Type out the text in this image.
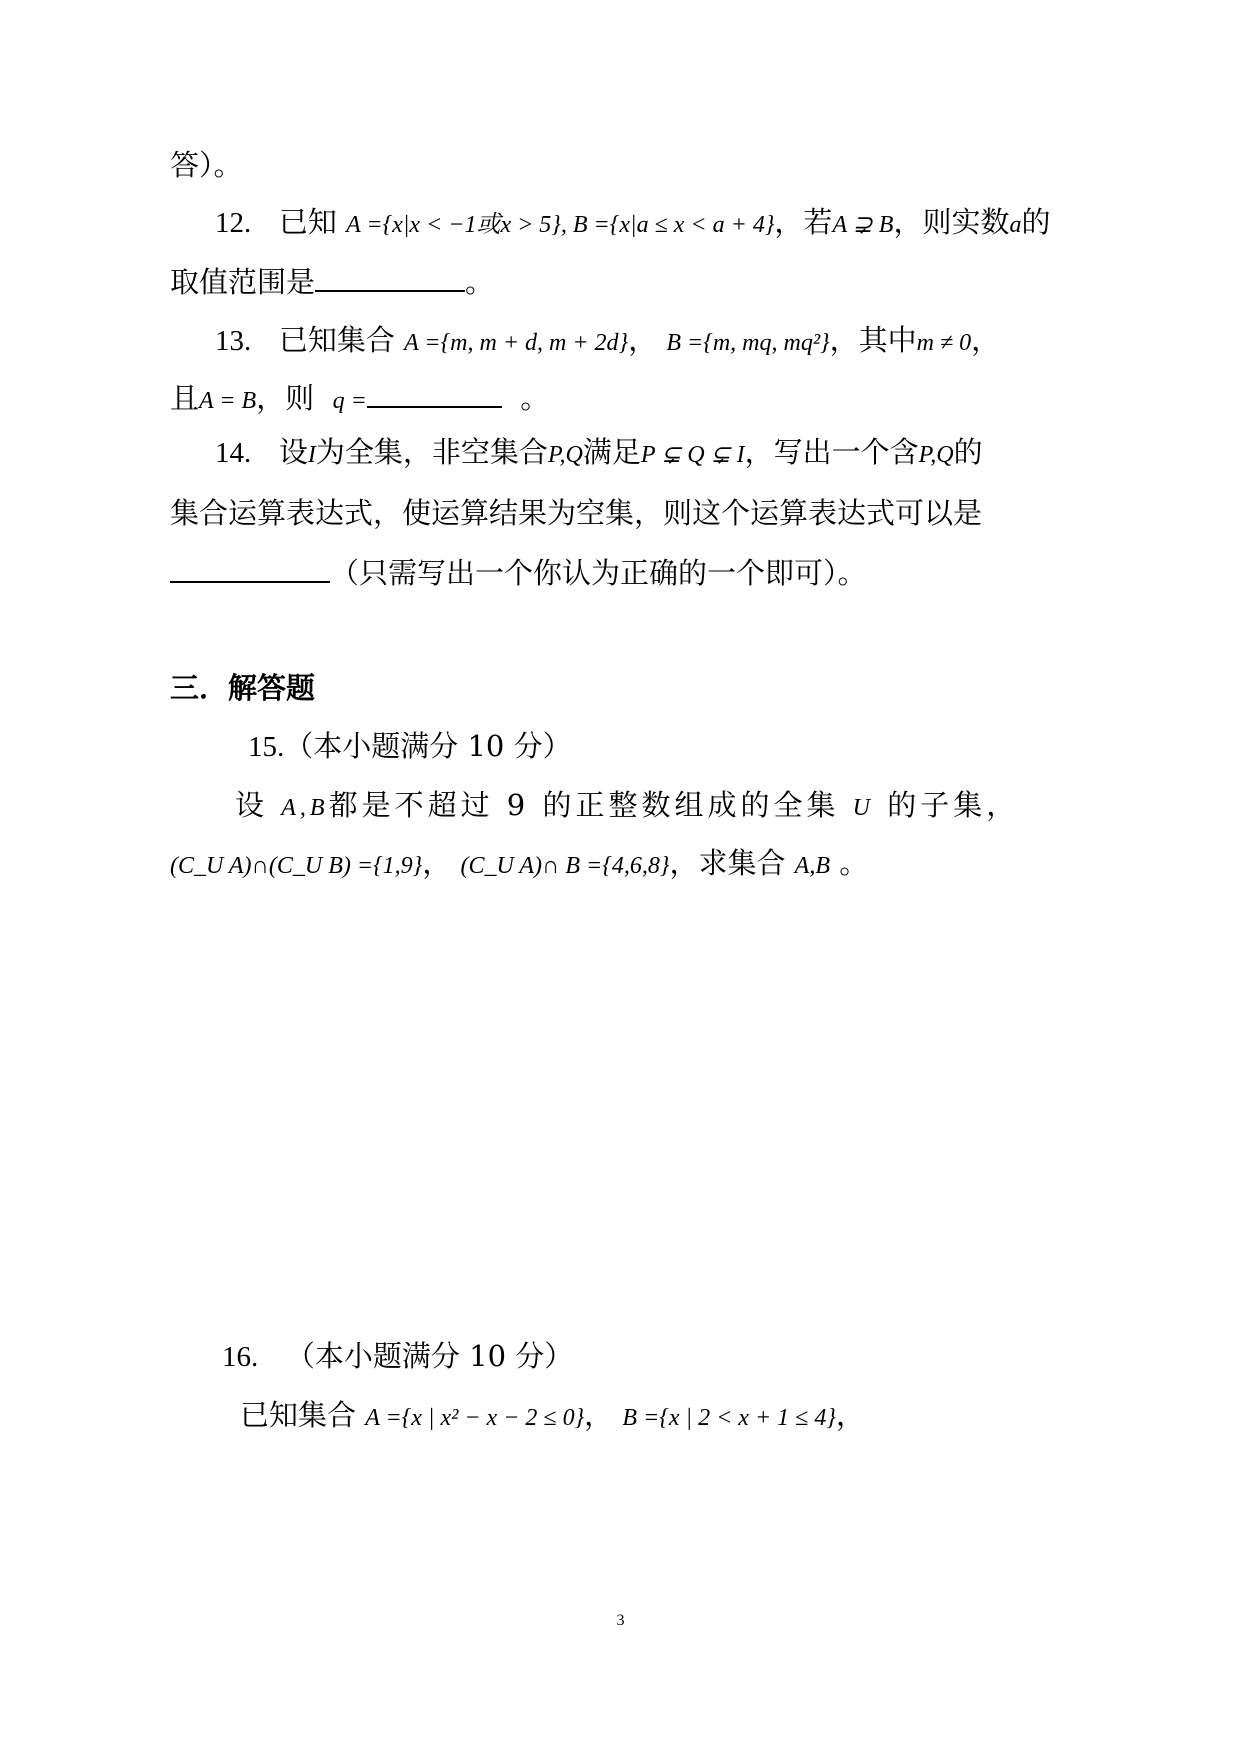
答）。
12. 已知 A ={x|x < −1或x > 5}, B ={x|a ≤ x < a + 4}，若A ⊋ B，则实数a的
取值范围是	。
13. 已知集合 A ={m, m + d, m + 2d}， B ={m, mq, mq²}，其中m ≠ 0，
且A = B，则 q =	。
14. 设I为全集，非空集合P,Q满足P ⊊ Q ⊊ I，写出一个含P,Q的
集合运算表达式，使运算结果为空集，则这个运算表达式可以是
（只需写出一个你认为正确的一个即可）。
三．解答题
15.（本小题满分 10 分）
设 A,B都是不超过 9 的正整数组成的全集 U 的子集，
(C_U A)∩(C_U B) ={1,9}， (C_U A)∩ B ={4,6,8}，求集合 A,B 。
16. （本小题满分 10 分）
已知集合 A ={x | x² − x − 2 ≤ 0}， B ={x | 2 < x + 1 ≤ 4}，
3
